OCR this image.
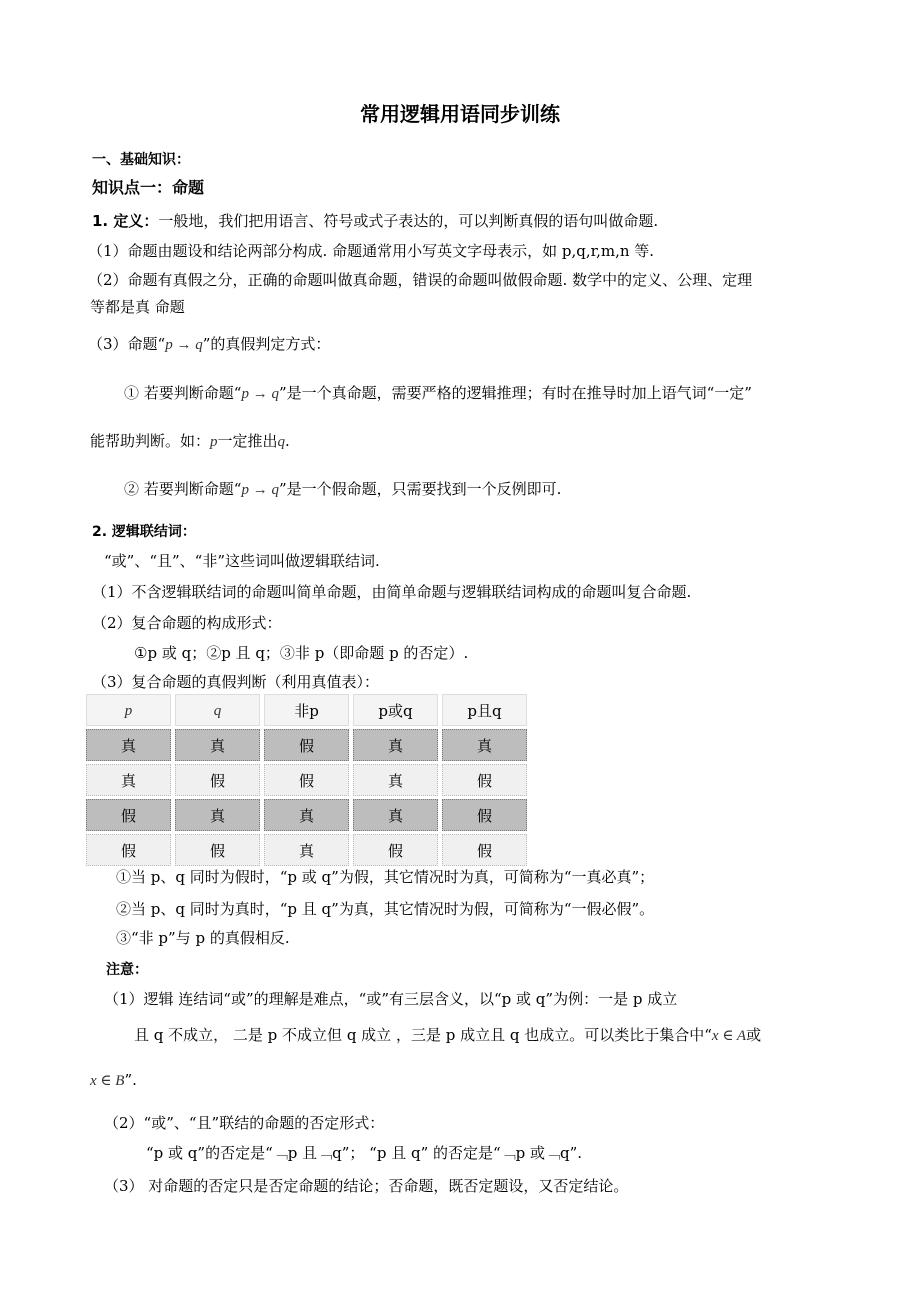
常用逻辑用语同步训练
一、基础知识：
知识点一：命题
1. 定义：一般地，我们把用语言、符号或式子表达的，可以判断真假的语句叫做命题.
（1）命题由题设和结论两部分构成. 命题通常用小写英文字母表示，如 p,q,r,m,n 等.
（2）命题有真假之分，正确的命题叫做真命题，错误的命题叫做假命题. 数学中的定义、公理、定理
等都是真 命题
（3）命题“p → q”的真假判定方式：
① 若要判断命题“p → q”是一个真命题，需要严格的逻辑推理；有时在推导时加上语气词“一定”
能帮助判断。如：p一定推出q.
② 若要判断命题“p → q”是一个假命题，只需要找到一个反例即可.
2. 逻辑联结词：
“或”、“且”、“非”这些词叫做逻辑联结词.
（1）不含逻辑联结词的命题叫简单命题，由简单命题与逻辑联结词构成的命题叫复合命题.
（2）复合命题的构成形式：
①p 或 q；②p 且 q；③非 p（即命题 p 的否定）.
（3）复合命题的真假判断（利用真值表）：
p	q	非p	p或q	p且q
真	真	假	真	真
真	假	假	真	假
假	真	真	真	假
假	假	真	假	假
①当 p、q 同时为假时，“p 或 q”为假，其它情况时为真，可简称为“一真必真”；
②当 p、q 同时为真时，“p 且 q”为真，其它情况时为假，可简称为“一假必假”。
③“非 p”与 p 的真假相反.
注意：
（1）逻辑 连结词“或”的理解是难点，“或”有三层含义，以“p 或 q”为例：一是 p 成立
且 q 不成立， 二是 p 不成立但 q 成立 ，三是 p 成立且 q 也成立。可以类比于集合中“x ∈ A或
x ∈ B”.
（2）“或”、“且”联结的命题的否定形式：
“p 或 q”的否定是“﹁p 且﹁q”； “p 且 q” 的否定是“﹁p 或﹁q”.
（3） 对命题的否定只是否定命题的结论；否命题，既否定题设，又否定结论。
